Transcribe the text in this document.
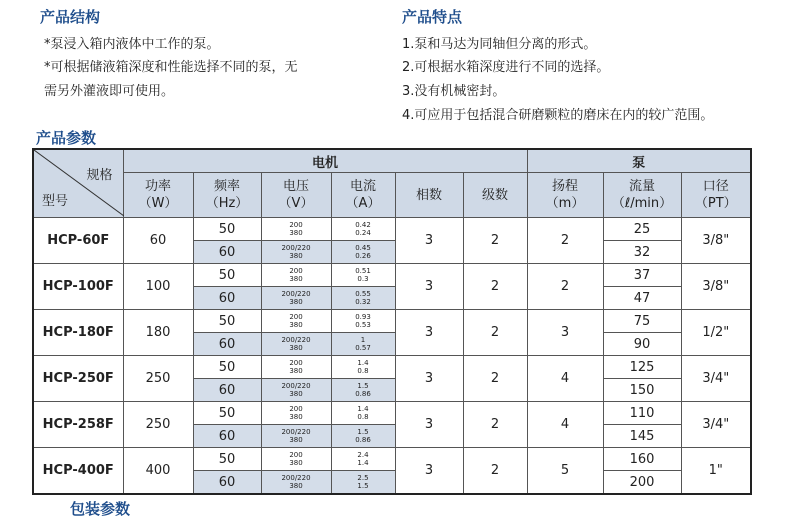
产品结构
*泵浸入箱内液体中工作的泵。
*可根据储液箱深度和性能选择不同的泵，无
需另外灌液即可使用。
产品特点
1.泵和马达为同轴但分离的形式。
2.可根据水箱深度进行不同的选择。
3.没有机械密封。
4.可应用于包括混合研磨颗粒的磨床在内的较广范围。
产品参数
规格
型号	电机						泵		
	功率
（W）	频率
（Hz）	电压
（V）	电流
（A）	相数	级数	扬程
（m）	流量
（ℓ/min）	口径
（PT）
HCP-60F	60	50	200
380	0.42
0.24	3	2	2	25	3/8"
		60	200/220
380	0.45
0.26				32	
HCP-100F	100	50	200
380	0.51
0.3	3	2	2	37	3/8"
		60	200/220
380	0.55
0.32				47	
HCP-180F	180	50	200
380	0.93
0.53	3	2	3	75	1/2"
		60	200/220
380	1
0.57				90	
HCP-250F	250	50	200
380	1.4
0.8	3	2	4	125	3/4"
		60	200/220
380	1.5
0.86				150	
HCP-258F	250	50	200
380	1.4
0.8	3	2	4	110	3/4"
		60	200/220
380	1.5
0.86				145	
HCP-400F	400	50	200
380	2.4
1.4	3	2	5	160	1"
		60	200/220
380	2.5
1.5				200	
包装参数
